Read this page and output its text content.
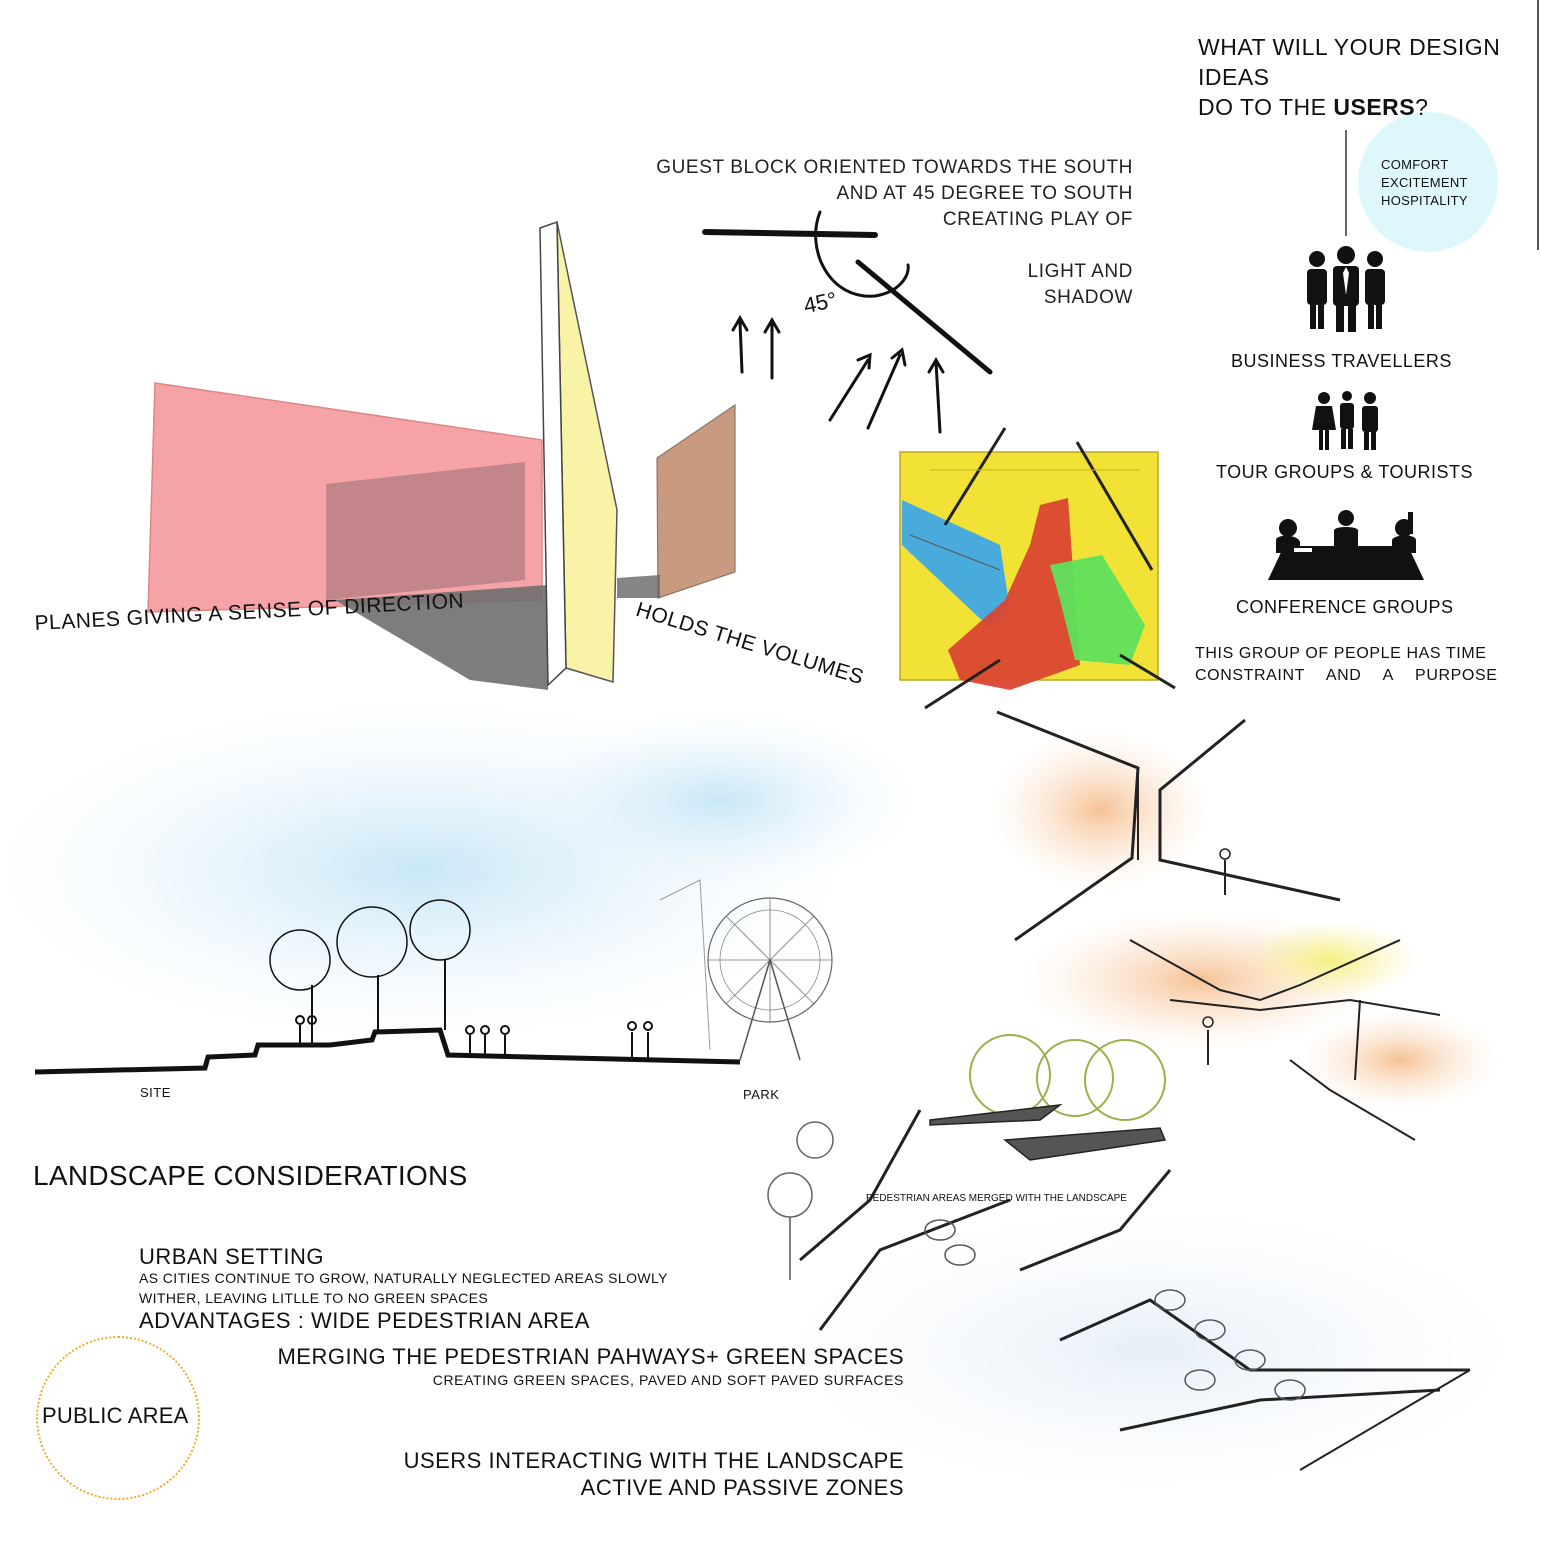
45°
WHAT WILL YOUR DESIGN
IDEAS
DO TO THE USERS?
COMFORT
EXCITEMENT
HOSPITALITY
BUSINESS TRAVELLERS
TOUR GROUPS & TOURISTS
CONFERENCE GROUPS
THIS GROUP OF PEOPLE HAS TIME
CONSTRAINT AND A PURPOSE
GUEST BLOCK ORIENTED TOWARDS THE SOUTH
AND AT 45 DEGREE TO SOUTH
CREATING PLAY OF
LIGHT AND
SHADOW
PLANES GIVING A SENSE OF DIRECTION	HOLDS THE VOLUMES
SITE	PARK
LANDSCAPE CONSIDERATIONS
PEDESTRIAN AREAS MERGED WITH THE LANDSCAPE
URBAN SETTING
AS CITIES CONTINUE TO GROW, NATURALLY NEGLECTED AREAS SLOWLY
WITHER, LEAVING LITLLE TO NO GREEN SPACES
ADVANTAGES : WIDE PEDESTRIAN AREA
MERGING THE PEDESTRIAN PAHWAYS+ GREEN SPACES
CREATING GREEN SPACES, PAVED AND SOFT PAVED SURFACES
USERS INTERACTING WITH THE LANDSCAPE
ACTIVE AND PASSIVE ZONES
PUBLIC AREA
